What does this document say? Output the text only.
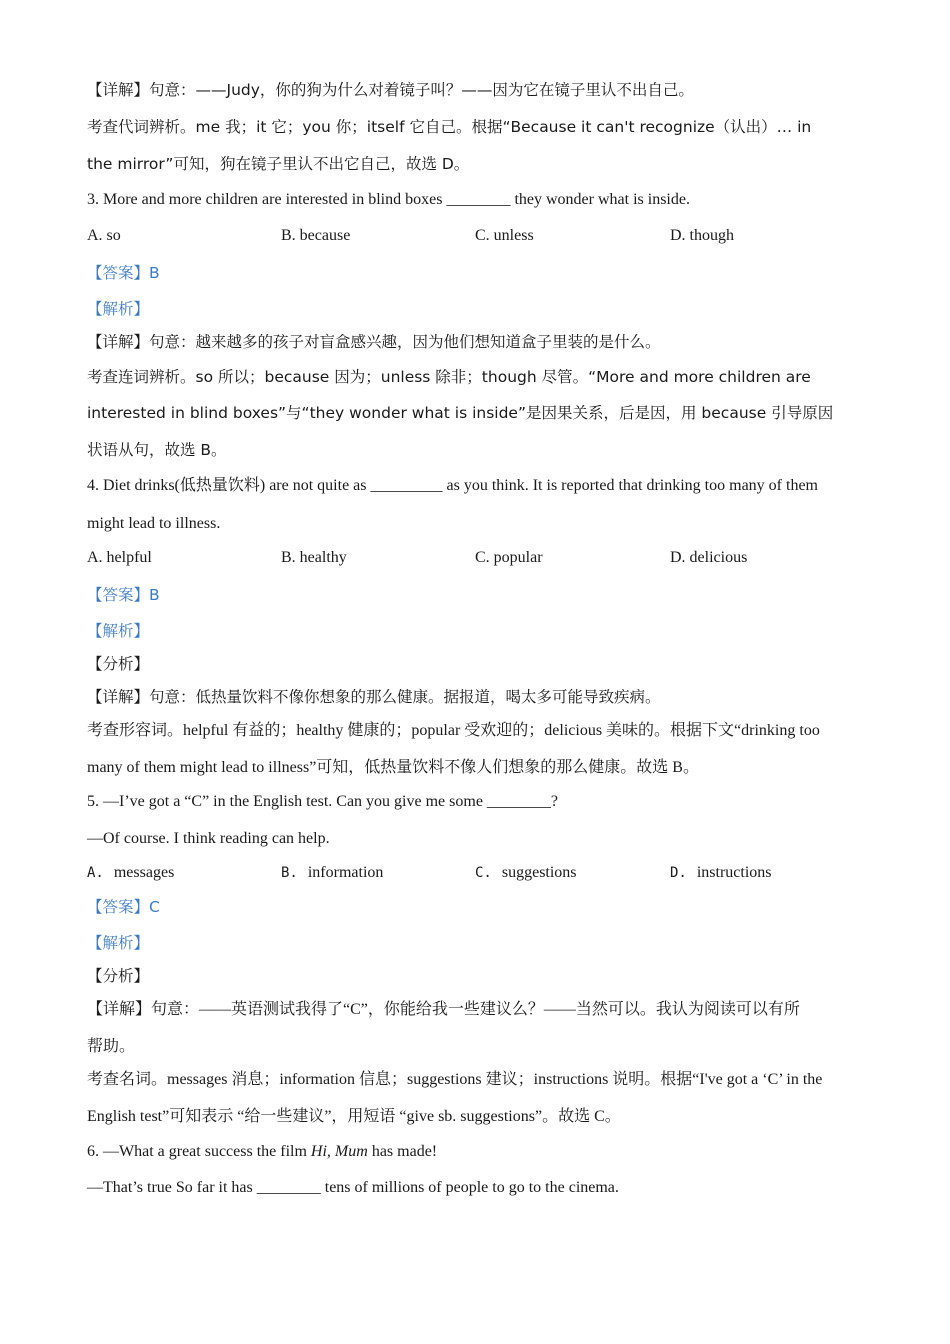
【详解】句意：——Judy，你的狗为什么对着镜子叫？——因为它在镜子里认不出自己。
考查代词辨析。me 我；it 它；you 你；itself 它自己。根据“Because it can't recognize（认出）… in
the mirror”可知，狗在镜子里认不出它自己，故选 D。
3. More and more children are interested in blind boxes ________ they wonder what is inside.
A. so	B. because	C. unless	D. though
【答案】B
【解析】
【详解】句意：越来越多的孩子对盲盒感兴趣，因为他们想知道盒子里装的是什么。
考查连词辨析。so 所以；because 因为；unless 除非；though 尽管。“More and more children are
interested in blind boxes”与“they wonder what is inside”是因果关系，后是因，用 because 引导原因
状语从句，故选 B。
4. Diet drinks(低热量饮料) are not quite as _________ as you think. It is reported that drinking too many of them
might lead to illness.
A. helpful	B. healthy	C. popular	D. delicious
【答案】B
【解析】
【分析】
【详解】句意：低热量饮料不像你想象的那么健康。据报道，喝太多可能导致疾病。
考查形容词。helpful 有益的；healthy 健康的；popular 受欢迎的；delicious 美味的。根据下文“drinking too
many of them might lead to illness”可知，低热量饮料不像人们想象的那么健康。故选 B。
5. —I’ve got a “C” in the English test. Can you give me some ________?
—Of course. I think reading can help.
A. messages	B. information	C. suggestions	D. instructions
【答案】C
【解析】
【分析】
【详解】句意：——英语测试我得了“C”，你能给我一些建议么？——当然可以。我认为阅读可以有所
帮助。
考查名词。messages 消息；information 信息；suggestions 建议；instructions 说明。根据“I've got a ‘C’ in the
English test”可知表示 “给一些建议”，用短语 “give sb. suggestions”。故选 C。
6. —What a great success the film Hi, Mum has made!
—That’s true So far it has ________ tens of millions of people to go to the cinema.
